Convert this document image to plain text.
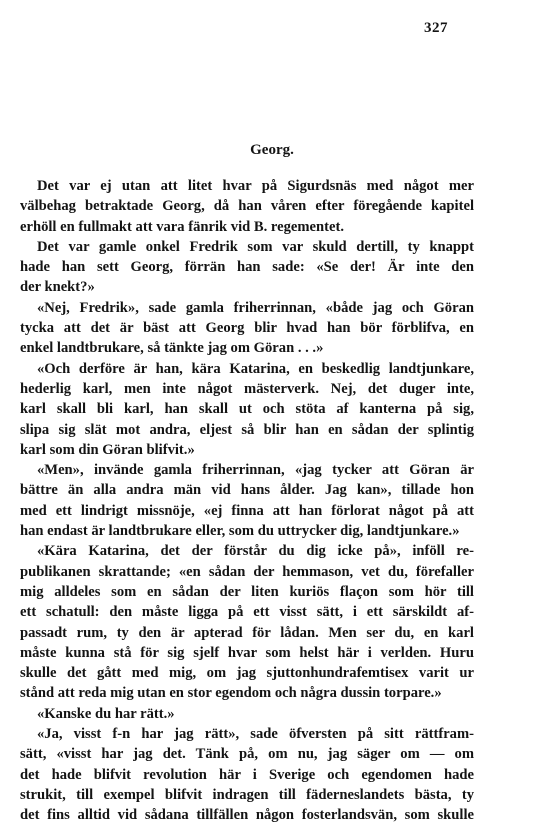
327
Georg.
Det var ej utan att litet hvar på Sigurdsnäs med något mer
välbehag betraktade Georg, då han våren efter föregående kapitel
erhöll en fullmakt att vara fänrik vid B. regementet.
Det var gamle onkel Fredrik som var skuld dertill, ty knappt
hade han sett Georg, förrän han sade: «Se der! Är inte den
der knekt?»
«Nej, Fredrik», sade gamla friherrinnan, «både jag och Göran
tycka att det är bäst att Georg blir hvad han bör förblifva, en
enkel landtbrukare, så tänkte jag om Göran . . .»
«Och derföre är han, kära Katarina, en beskedlig landtjunkare,
hederlig karl, men inte något mästerverk. Nej, det duger inte,
karl skall bli karl, han skall ut och stöta af kanterna på sig,
slipa sig slät mot andra, eljest så blir han en sådan der splintig
karl som din Göran blifvit.»
«Men», invände gamla friherrinnan, «jag tycker att Göran är
bättre än alla andra män vid hans ålder. Jag kan», tillade hon
med ett lindrigt missnöje, «ej finna att han förlorat något på att
han endast är landtbrukare eller, som du uttrycker dig, landtjunkare.»
«Kära Katarina, det der förstår du dig icke på», inföll re-
publikanen skrattande; «en sådan der hemmason, vet du, förefaller
mig alldeles som en sådan der liten kuriös flaçon som hör till
ett schatull: den måste ligga på ett visst sätt, i ett särskildt af-
passadt rum, ty den är apterad för lådan. Men ser du, en karl
måste kunna stå för sig sjelf hvar som helst här i verlden. Huru
skulle det gått med mig, om jag sjuttonhundrafemtisex varit ur
stånd att reda mig utan en stor egendom och några dussin torpare.»
«Kanske du har rätt.»
«Ja, visst f-n har jag rätt», sade öfversten på sitt rättfram-
sätt, «visst har jag det. Tänk på, om nu, jag säger om — om
det hade blifvit revolution här i Sverige och egendomen hade
strukit, till exempel blifvit indragen till fäderneslandets bästa, ty
det fins alltid vid sådana tillfällen någon fosterlandsvän, som skulle
